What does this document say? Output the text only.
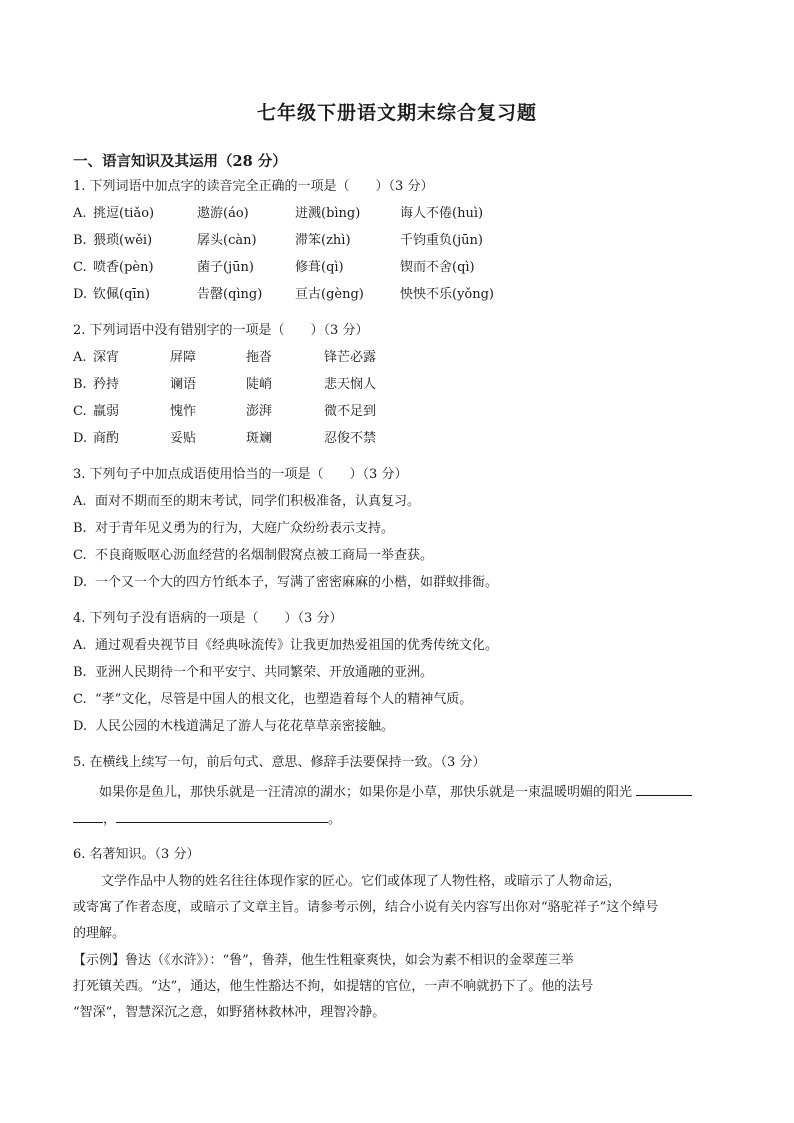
七年级下册语文期末综合复习题
一、语言知识及其运用（28 分）
1. 下列词语中加点字的读音完全正确的一项是（　　）（3 分）
A. 挑逗(tiǎo)	遨游(áo)	迸溅(bìng)	诲人不倦(huì)
B. 猥琐(wěi)	孱头(càn)	滞笨(zhì)	千钧重负(jūn)
C. 喷香(pèn)	菌子(jūn)	修葺(qì)	锲而不舍(qì)
D. 钦佩(qīn)	告罄(qìng)	亘古(gèng)	怏怏不乐(yǒng)
2. 下列词语中没有错别字的一项是（　　）（3 分）
A. 深宵	屏障	拖沓	锋芒必露
B. 矜持	谰语	陡峭	悲天悯人
C. 羸弱	愧怍	澎湃	微不足到
D. 商酌	妥贴	斑斓	忍俊不禁
3. 下列句子中加点成语使用恰当的一项是（　　）（3 分）
A. 面对不期而至的期末考试，同学们积极准备，认真复习。
B. 对于青年见义勇为的行为，大庭广众纷纷表示支持。
C. 不良商贩呕心沥血经营的名烟制假窝点被工商局一举查获。
D. 一个又一个大的四方竹纸本子，写满了密密麻麻的小楷，如群蚁排衙。
4. 下列句子没有语病的一项是（　　）（3 分）
A. 通过观看央视节目《经典咏流传》让我更加热爱祖国的优秀传统文化。
B. 亚洲人民期待一个和平安宁、共同繁荣、开放通融的亚洲。
C. “孝”文化，尽管是中国人的根文化，也塑造着每个人的精神气质。
D. 人民公园的木栈道满足了游人与花花草草亲密接触。
5. 在横线上续写一句，前后句式、意思、修辞手法要保持一致。（3 分）
如果你是鱼儿，那快乐就是一汪清凉的湖水；如果你是小草，那快乐就是一束温暖明媚的阳光
，	。
6. 名著知识。（3 分）
文学作品中人物的姓名往往体现作家的匠心。它们或体现了人物性格，或暗示了人物命运，
或寄寓了作者态度，或暗示了文章主旨。请参考示例，结合小说有关内容写出你对“骆驼祥子”这个绰号
的理解。
【示例】鲁达（《水浒》）：“鲁”，鲁莽，他生性粗豪爽快，如会为素不相识的金翠莲三举
打死镇关西。“达”，通达，他生性豁达不拘，如提辖的官位，一声不响就扔下了。他的法号
“智深”，智慧深沉之意，如野猪林救林冲，理智冷静。
